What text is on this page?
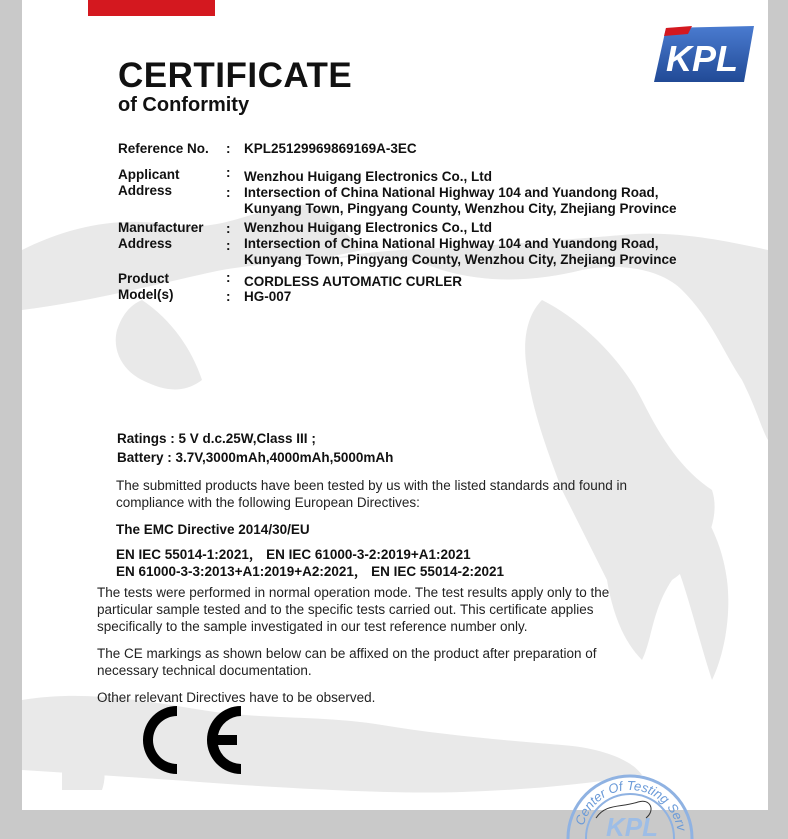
KPL
CERTIFICATE
of Conformity
Reference No. : KPL25129969869169A-3EC
Applicant	: Wenzhou Huigang Electronics Co., Ltd
Address	: Intersection of China National Highway 104 and Yuandong Road,
Kunyang Town, Pingyang County, Wenzhou City, Zhejiang Province
Manufacturer : Wenzhou Huigang Electronics Co., Ltd
Address	: Intersection of China National Highway 104 and Yuandong Road,
Kunyang Town, Pingyang County, Wenzhou City, Zhejiang Province
Product	: CORDLESS AUTOMATIC CURLER
Model(s)	: HG-007
Ratings : 5 V d.c.25W,Class III ;
Battery : 3.7V,3000mAh,4000mAh,5000mAh
The submitted products have been tested by us with the listed standards and found in
compliance with the following European Directives:
The EMC Directive 2014/30/EU
EN IEC 55014-1:2021， EN IEC 61000-3-2:2019+A1:2021
EN 61000-3-3:2013+A1:2019+A2:2021， EN IEC 55014-2:2021
The tests were performed in normal operation mode. The test results apply only to the
particular sample tested and to the specific tests carried out. This certificate applies
specifically to the sample investigated in our test reference number only.
The CE markings as shown below can be affixed on the product after preparation of
necessary technical documentation.
Other relevant Directives have to be observed.
Center Of Testing Serv
KPL
